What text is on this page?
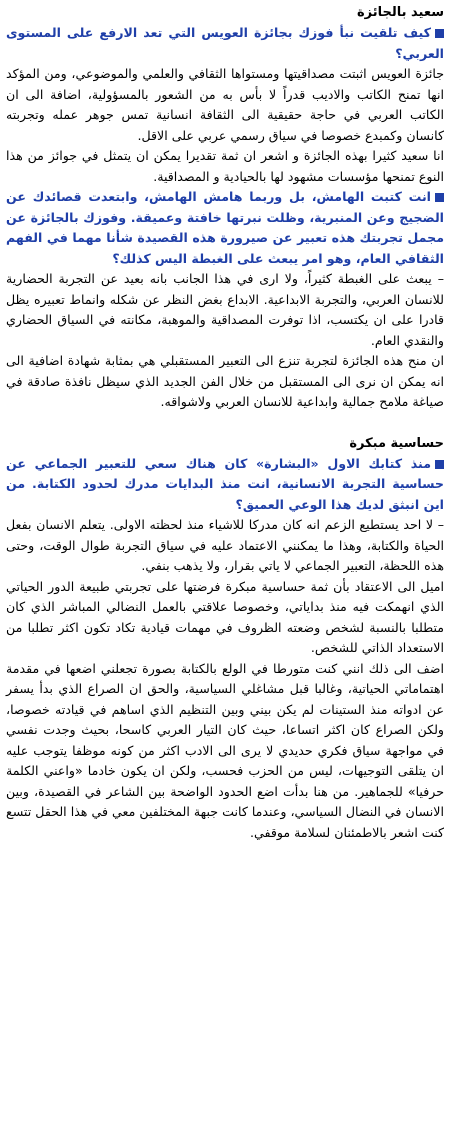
سعيد بالجائزة

كيف تلقيت نبأ فوزك بجائزة العويس التي تعد الارفع على المستوى العربي؟

جائزة العويس اثبتت مصداقيتها ومستواها الثقافي والعلمي والموضوعي، ومن المؤكد انها تمنح الكاتب والاديب قدراً لا بأس به من الشعور بالمسؤولية، اضافة الى ان الكاتب العربي في حاجة حقيقية الى الثقافة انسانية تمس جوهر عمله وتجربته كانسان وكمبدع خصوصا في سياق رسمي عربي على الاقل.

انا سعيد كثيرا بهذه الجائزة و اشعر ان ثمة تقديرا يمكن ان يتمثل في جوائز من هذا النوع تمنحها مؤسسات مشهود لها بالحيادية و المصداقية.

انت كتبت الهامش، بل وربما هامش الهامش، وابتعدت قصائدك عن الضجيج وعن المنبرية، وظلت نبرتها خافتة وعميقة. وفوزك بالجائزة عن مجمل تجربتك هذه تعبير عن صيرورة هذه القصيدة شأنا مهما في الفهم الثقافي العام، وهو امر يبعث على الغبطة اليس كذلك؟

– يبعث على الغبطة كثيراً، ولا ارى في هذا الجانب بانه بعيد عن التجربة الحضارية للانسان العربي، والتجربة الابداعية. الابداع بغض النظر عن شكله وانماط تعبيره يظل قادرا على ان يكتسب، اذا توفرت المصداقية والموهبة، مكانته في السياق الحضاري والنقدي العام.

ان منح هذه الجائزة لتجربة تنزع الى التعبير المستقبلي هي بمثابة شهادة اضافية الى انه يمكن ان نرى الى المستقبل من خلال الفن الجديد الذي سيظل نافذة صادقة في صياغة ملامح جمالية وابداعية للانسان العربي ولاشواقه.

حساسية مبكرة

منذ كتابك الاول «البشارة» كان هناك سعي للتعبير الجماعي عن حساسية التجربة الانسانية، انت منذ البدايات مدرك لحدود الكتابة. من اين انبثق لديك هذا الوعي العميق؟

– لا احد يستطيع الزعم انه كان مدركا للاشياء منذ لحظته الاولى. يتعلم الانسان بفعل الحياة والكتابة، وهذا ما يمكنني الاعتماد عليه في سياق التجربة طوال الوقت، وحتى هذه اللحظة، التعبير الجماعي لا ياتي بقرار، ولا يذهب بنفي.

اميل الى الاعتقاد بأن ثمة حساسية مبكرة فرضتها على تجربتي طبيعة الدور الحياتي الذي انهمكت فيه منذ بداياتي، وخصوصا علاقتي بالعمل النضالي المباشر الذي كان متطلبا بالنسبة لشخص وضعته الظروف في مهمات قيادية تكاد تكون اكثر تطلبا من الاستعداد الذاتي للشخص.

اضف الى ذلك انني كنت متورطا في الولع بالكتابة بصورة تجعلني اضعها في مقدمة اهتماماتي الحياتية، وغالبا قبل مشاغلي السياسية، والحق ان الصراع الذي بدأ يسفر عن ادواته منذ الستينات لم يكن بيني وبين التنظيم الذي اساهم في قيادته خصوصا، ولكن الصراع كان اكثر اتساعا، حيث كان التيار العربي كاسحا، بحيث وجدت نفسي في مواجهة سياق فكري حديدي لا يرى الى الادب اكثر من كونه موظفا يتوجب عليه ان يتلقى التوجيهات، ليس من الحزب فحسب، ولكن ان يكون خادما «واعني الكلمة حرفيا» للجماهير. من هنا بدأت اضع الحدود الواضحة بين الشاعر في القصيدة، وبين الانسان في النضال السياسي، وعندما كانت جبهة المختلفين معي في هذا الحقل تتسع كنت اشعر بالاطمئنان لسلامة موقفي.
